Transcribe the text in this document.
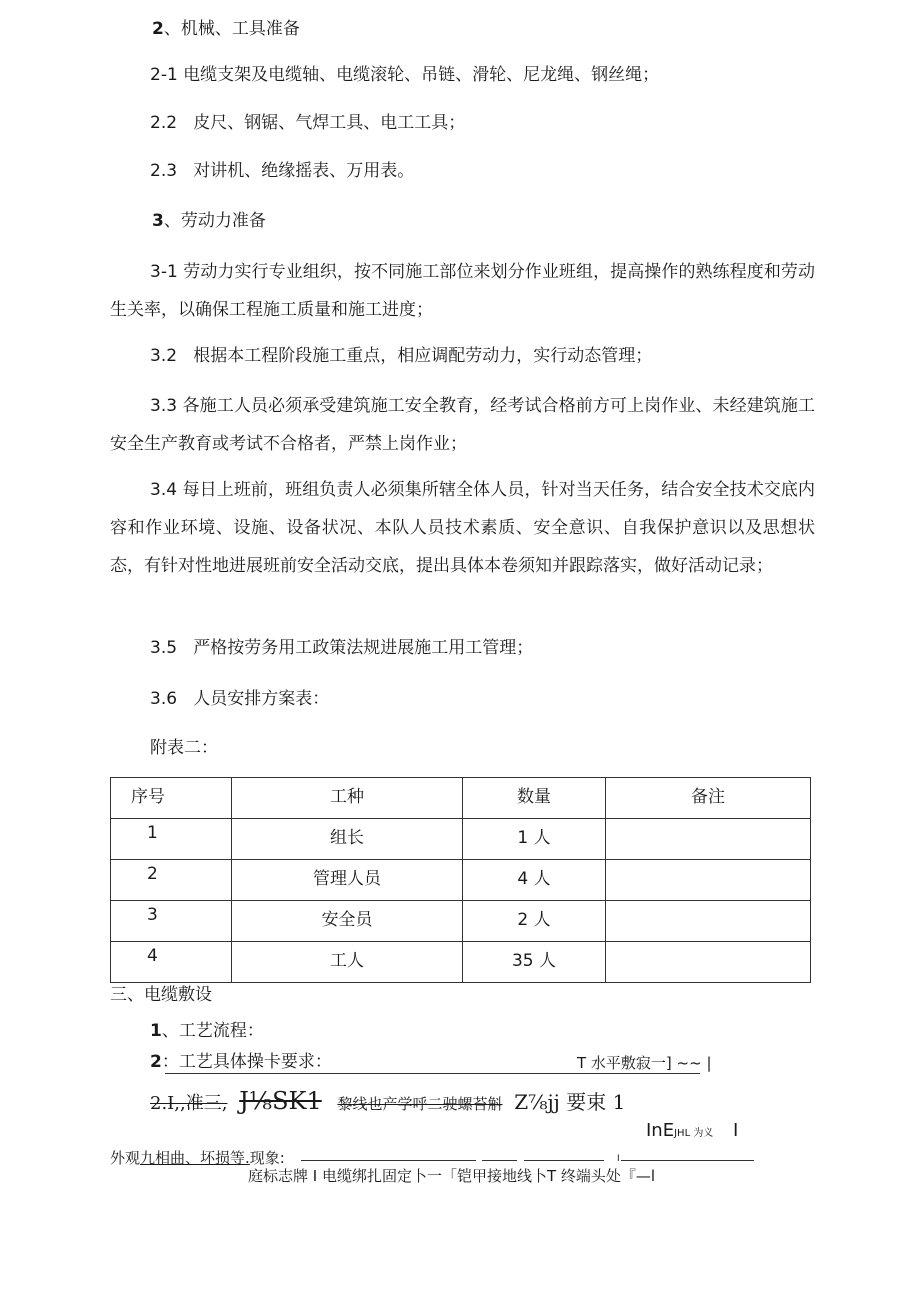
2、机械、工具准备
2-1 电缆支架及电缆轴、电缆滚轮、吊链、滑轮、尼龙绳、钢丝绳；
2.2   皮尺、钢锯、气焊工具、电工工具；
2.3   对讲机、绝缘摇表、万用表。
3、劳动力准备
3-1 劳动力实行专业组织，按不同施工部位来划分作业班组，提高操作的熟练程度和劳动生关率，以确保工程施工质量和施工进度；
3.2   根据本工程阶段施工重点，相应调配劳动力，实行动态管理；
3.3 各施工人员必须承受建筑施工安全教育，经考试合格前方可上岗作业、未经建筑施工安全生产教育或考试不合格者，严禁上岗作业；
3.4 每日上班前，班组负责人必须集所辖全体人员，针对当天任务，结合安全技术交底内容和作业环境、设施、设备状况、本队人员技术素质、安全意识、自我保护意识以及思想状态，有针对性地进展班前安全活动交底，提出具体本卷须知并跟踪落实，做好活动记录；
3.5   严格按劳务用工政策法规进展施工用工管理；
3.6   人员安排方案表：
附表二：
序号	工种	数量	备注
1	组长	1 人	
2	管理人员	4 人	
3	安全员	2 人	
4	工人	35 人	
三、电缆敷设
1、工艺流程：
2：工艺具体操卡要求：	T 水平敷寂一] ~~ |
2.I,,准三, J⅛SK1 黎线也产学呼二驶螺苔斛 Z⅞jj 要束 1
InEJHL 为义 I
外观九相曲、坏损等.现象:	I
庭标志牌 I 电缆绑扎固定卜一「铠甲接地线卜T 终端头处『—l
